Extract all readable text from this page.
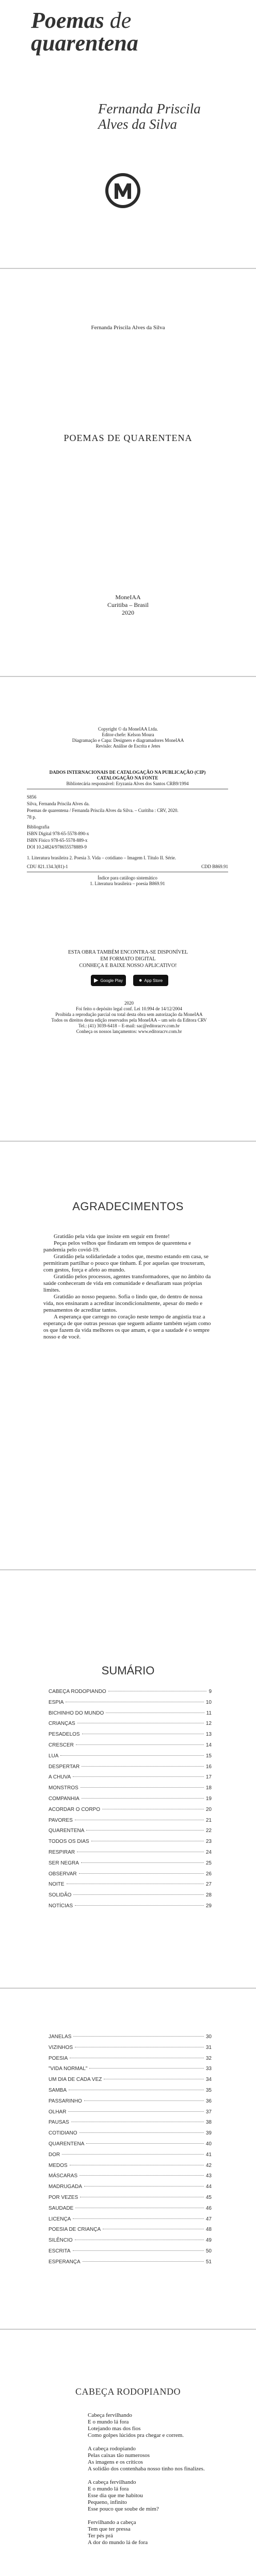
Poemas de
quarentena
Fernanda Priscila
Alves da Silva
Fernanda Priscila Alves da Silva
POEMAS DE QUARENTENA
MoneIAA
Curitiba – Brasil
2020
Copyright © da MoneIAA Ltda.
Editor-chefe: Kelson Moura
Diagramação e Capa: Designers e diagramadores MoneIAA
Revisão: Análise de Escrita e Jetes
DADOS INTERNACIONAIS DE CATALOGAÇÃO NA PUBLICAÇÃO (CIP)
CATALOGAÇÃO NA FONTE
Bibliotecária responsável: Eryzania Alves dos Santos CRB9/1994

S856

Silva, Fernanda Priscila Alves da.

Poemas de quarentena / Fernanda Priscila Alves da Silva. – Curitiba : CRV, 2020.

78 p.

Bibliografia

ISBN Digital 978-65-5578-890-x

ISBN Físico 978-65-5578-889-x

DOI 10.24824/978655578889-9

1. Literatura brasileira 2. Poesia 3. Vida – cotidiano – Imagem I. Título II. Série.

CDU 821.134.3(81)-1	CDD B869.91
Índice para catálogo sistemático
1. Literatura brasileira – poesia B869.91
ESTA OBRA TAMBÉM ENCONTRA-SE DISPONÍVEL
EM FORMATO DIGITAL
CONHEÇA E BAIXE NOSSO APLICATIVO!
▶ Google Play	● App Store
2020
Foi feito o depósito legal conf. Lei 10.994 de 14/12/2004
Proibida a reprodução parcial ou total desta obra sem autorização da MoneIAA
Todos os direitos desta edição reservados pela MoneIAA – um selo da Editora CRV
Tel.: (41) 3039-6418 – E-mail: sac@editoracrv.com.br
Conheça os nossos lançamentos: www.editoracrv.com.br
AGRADECIMENTOS

Gratidão pela vida que insiste em seguir em frente!

Peças pelos velhos que findaram em tempos de quarentena e pandemia pelo covid-19.

Gratidão pela solidariedade a todos que, mesmo estando em casa, se permitiram partilhar o pouco que tinham. É por aquelas que trouxeram, com gestos, força e afeto ao mundo.

Gratidão pelos processos, agentes transformadores, que no âmbito da saúde conheceram de vida em comunidade e desafiaram suas próprias limites.

Gratidão ao nosso pequeno. Sofia o lindo que, do dentro de nossa vida, nos ensinaram a acreditar incondicionalmente, apesar do medo e pensamentos de acreditar tantos.

A esperança que carrego no coração neste tempo de angústia traz a esperança de que outras pessoas que seguem adiante também sejam como os que fazem da vida melhores os que amam, e que a saudade é o sempre nosso e de você.

SUMÁRIO
CABEÇA RODOPIANDO	9
ESPIA	10
BICHINHO DO MUNDO	11
CRIANÇAS	12
PESADELOS	13
CRESCER	14
LUA	15
DESPERTAR	16
A CHUVA	17
MONSTROS	18
COMPANHIA	19
ACORDAR O CORPO	20
PAVORES	21
QUARENTENA	22
TODOS OS DIAS	23
RESPIRAR	24
SER NEGRA	25
OBSERVAR	26
NOITE	27
SOLIDÃO	28
NOTÍCIAS	29
JANELAS	30
VIZINHOS	31
POESIA	32
"VIDA NORMAL"	33
UM DIA DE CADA VEZ	34
SAMBA	35
PASSARINHO	36
OLHAR	37
PAUSAS	38
COTIDIANO	39
QUARENTENA	40
DOR	41
MEDOS	42
MÁSCARAS	43
MADRUGADA	44
POR VEZES	45
SAUDADE	46
LICENÇA	47
POESIA DE CRIANÇA	48
SILÊNCIO	49
ESCRITA	50
ESPERANÇA	51
CABEÇA RODOPIANDO
Cabeça fervilhando
E o mundo lá fora
Lotejando mas dos fios
Como golpes lúcidos pra chegar e correm.
A cabeça rodopiando
Pelas caixas tão numerosos
As imagens e os críticos
A solidão dos contenhaba nosso tinho nos finalizes.
A cabeça fervilhando
E o mundo lá fora
Esse dia que me habitou
Pequeno, infinito
Esse pouco que soube de mim?
Fervilhando a cabeça
Tem que ter pressa
Ter pés prá
A dor do mundo lá de fora
